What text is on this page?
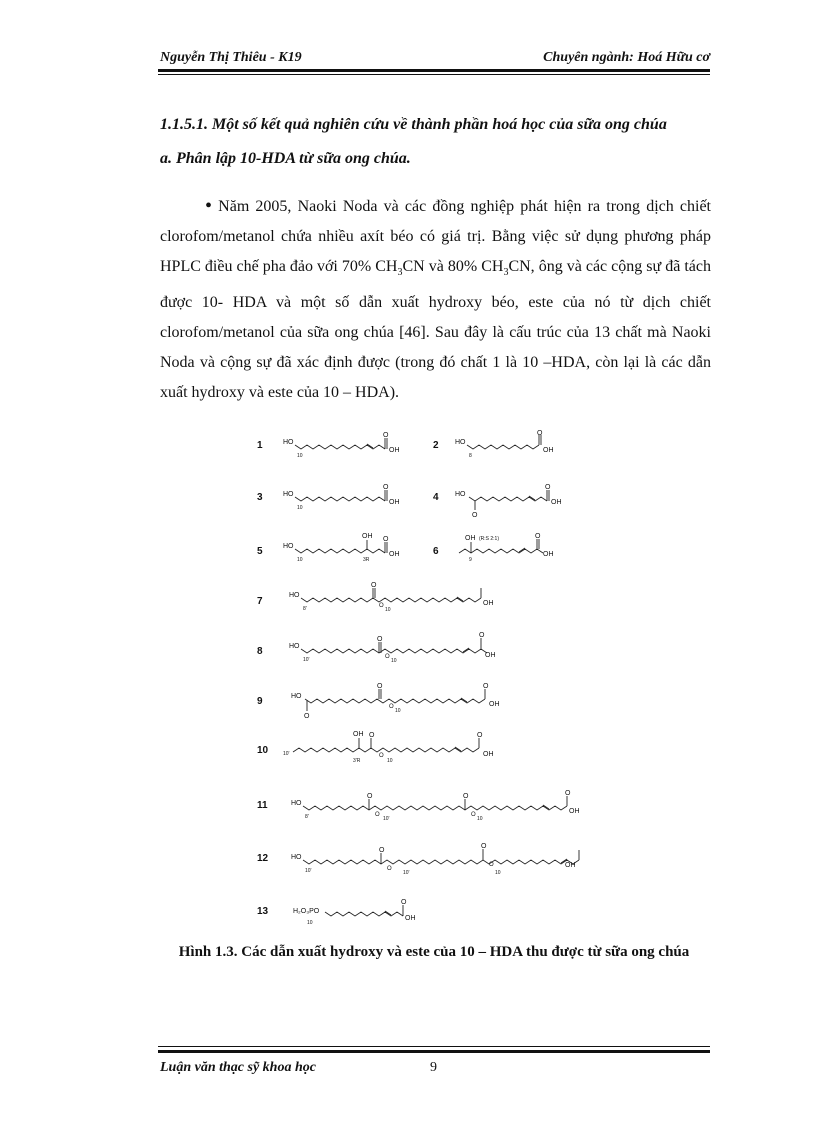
Nguyễn Thị Thiêu - K19	Chuyên ngành: Hoá Hữu cơ
1.1.5.1. Một số kết quả nghiên cứu về thành phần hoá học của sữa ong chúa
a. Phân lập 10-HDA từ sữa ong chúa.

• Năm 2005, Naoki Noda và các đồng nghiệp phát hiện ra trong dịch chiết clorofom/metanol chứa nhiều axít béo có giá trị. Bằng việc sử dụng phương pháp HPLC điều chế pha đảo với 70% $CH_3CN$ và 80% $CH_3CN$, ông và các cộng sự đã tách được 10- HDA và một số dẫn xuất hydroxy béo, este của nó từ dịch chiết clorofom/metanol của sữa ong chúa [46]. Sau đây là cấu trúc của 13 chất mà Naoki Noda và cộng sự đã xác định được (trong đó chất 1 là 10 –HDA, còn lại là các dẫn xuất hydroxy và este của 10 – HDA).

1	2
3	4
5	6
7
8
9
10
11
12
13
HO
10
O
OH
HO
8
O
OH
HO
10
O
OH
HO
O
O
OH
HO
10
OH
3R
O
OH
OH (R:S 2:1)
9
O
OH
HO
8'
O
O
10
OH
HO
10'
O
O
10
O
OH
HO
O
O
O
10
O
OH
10'
OH
3'R
O
O
10
O
OH
HO
8'
O
O
10'
O
O
10
O
OH
HO
10'
O
O
10'
O
O
10
OH
H₂O₃PO
10
O
OH
Hình 1.3. Các dẫn xuất hydroxy và este của 10 – HDA thu được từ sữa ong chúa
Luận văn thạc sỹ khoa học	9
